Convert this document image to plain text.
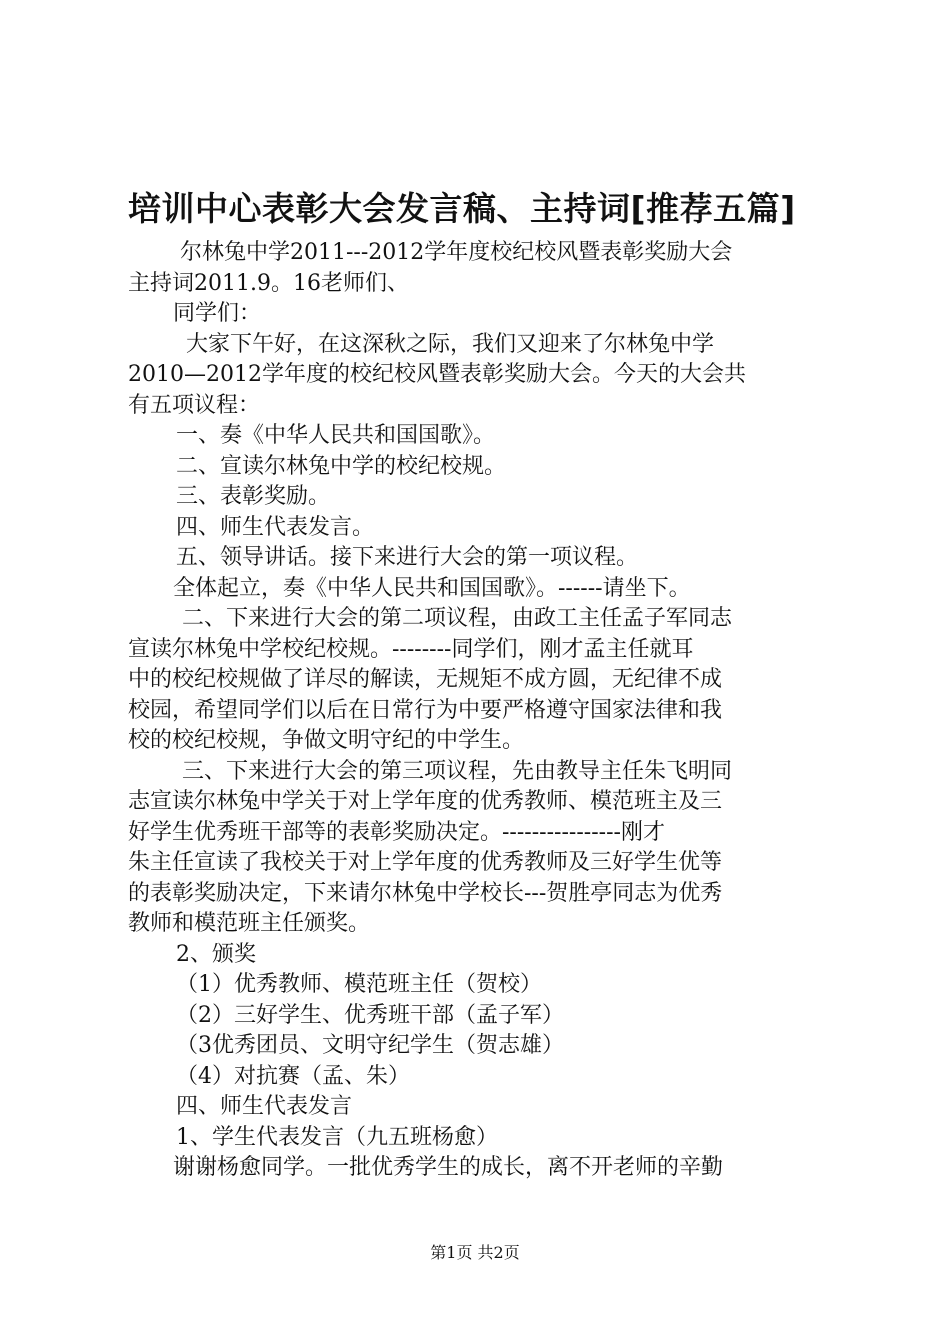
培训中心表彰大会发言稿、主持词[推荐五篇]
尔林兔中学2011---2012学年度校纪校风暨表彰奖励大会
主持词2011.9。16老师们、
同学们：
大家下午好，在这深秋之际，我们又迎来了尔林兔中学
2010—2012学年度的校纪校风暨表彰奖励大会。今天的大会共
有五项议程：
一、奏《中华人民共和国国歌》。
二、宣读尔林兔中学的校纪校规。
三、表彰奖励。
四、师生代表发言。
五、领导讲话。接下来进行大会的第一项议程。
全体起立，奏《中华人民共和国国歌》。------请坐下。
二、下来进行大会的第二项议程，由政工主任孟子军同志
宣读尔林兔中学校纪校规。--------同学们，刚才孟主任就耳
中的校纪校规做了详尽的解读，无规矩不成方圆，无纪律不成
校园，希望同学们以后在日常行为中要严格遵守国家法律和我
校的校纪校规，争做文明守纪的中学生。
三、下来进行大会的第三项议程，先由教导主任朱飞明同
志宣读尔林兔中学关于对上学年度的优秀教师、模范班主及三
好学生优秀班干部等的表彰奖励决定。----------------刚才
朱主任宣读了我校关于对上学年度的优秀教师及三好学生优等
的表彰奖励决定，下来请尔林兔中学校长---贺胜亭同志为优秀
教师和模范班主任颁奖。
2、颁奖
（1）优秀教师、模范班主任（贺校）
（2）三好学生、优秀班干部（孟子军）
（3优秀团员、文明守纪学生（贺志雄）
（4）对抗赛（孟、朱）
四、师生代表发言
1、学生代表发言（九五班杨愈）
谢谢杨愈同学。一批优秀学生的成长，离不开老师的辛勤
第1页 共2页
